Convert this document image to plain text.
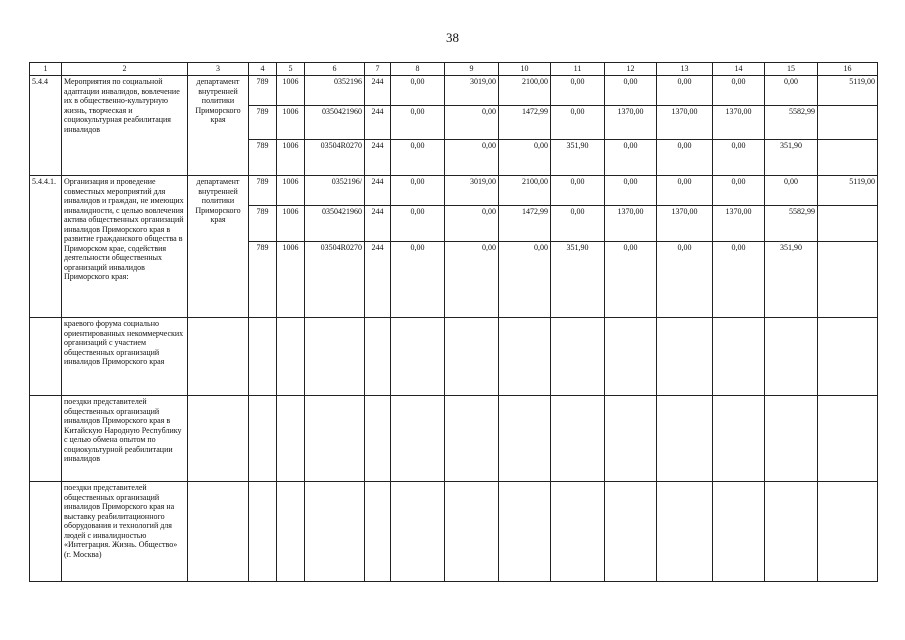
38
1	2	3	4	5	6	7	8	9	10	11	12	13	14	15	16
5.4.4	Мероприятия по социальной адаптации инвалидов, вовлечение их в общественно-культурную жизнь, творческая и социокультурная реабилитация инвалидов	департамент внутренней политики Приморского края	789	1006	0352196	244	0,00	3019,00	2100,00	0,00	0,00	0,00	0,00	0,00	5119,00
			789	1006	0350421960	244	0,00	0,00	1472,99	0,00	1370,00	1370,00	1370,00	5582,99	
			789	1006	03504R0270	244	0,00	0,00	0,00	351,90	0,00	0,00	0,00	351,90	
5.4.4.1.	Организация и проведение совместных мероприятий для инвалидов и граждан, не имеющих инвалидности, с целью вовлечения актива общественных организаций инвалидов Приморского края в развитие гражданского общества в Приморском крае, содействия деятельности общественных организаций инвалидов Приморского края:	департамент внутренней политики Приморского края	789	1006	0352196/	244	0,00	3019,00	2100,00	0,00	0,00	0,00	0,00	0,00	5119,00
			789	1006	0350421960	244	0,00	0,00	1472,99	0,00	1370,00	1370,00	1370,00	5582,99	
			789	1006	03504R0270	244	0,00	0,00	0,00	351,90	0,00	0,00	0,00	351,90	
	краевого форума социально ориентированных некоммерческих организаций с участием общественных организаций инвалидов Приморского края														
	поездки представителей общественных организаций инвалидов Приморского края в Китайскую Народную Республику с целью обмена опытом по социокультурной реабилитации инвалидов														
	поездки представителей общественных организаций инвалидов Приморского края на выставку реабилитационного оборудования и технологий для людей с инвалидностью «Интеграция. Жизнь. Общество» (г. Москва)														
